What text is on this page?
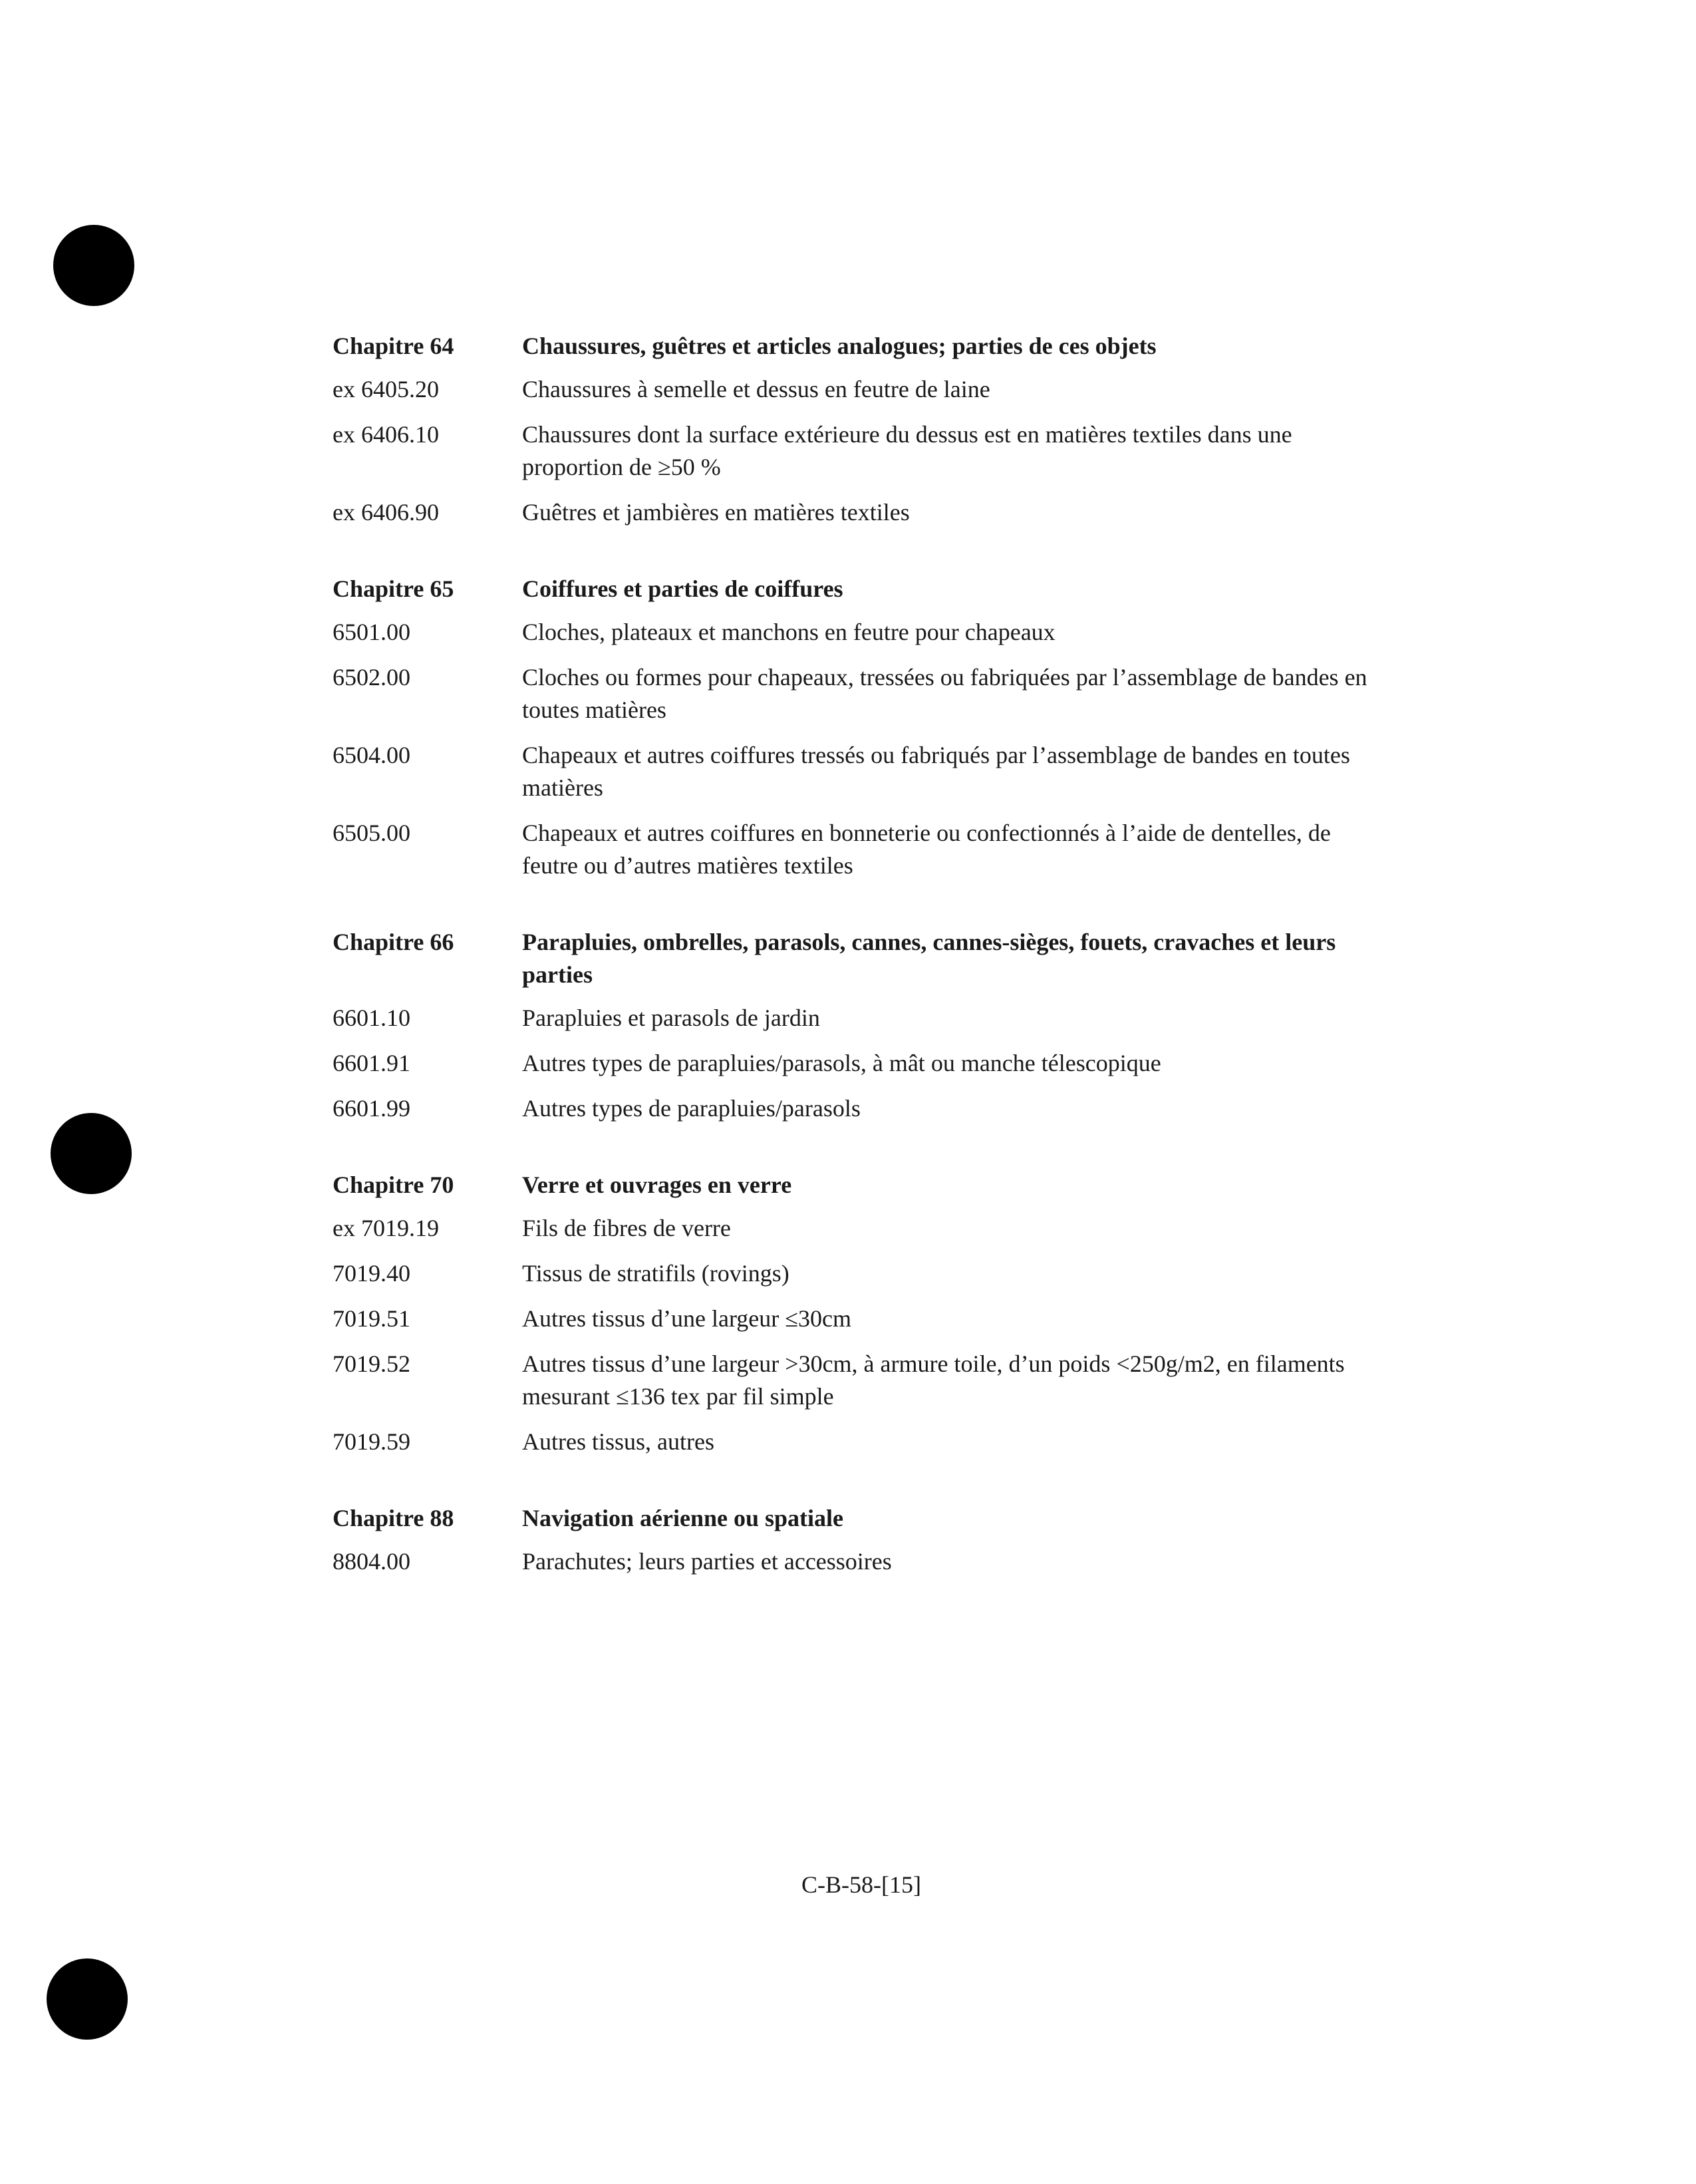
Chapitre 64	Chaussures, guêtres et articles analogues; parties de ces objets
ex 6405.20	Chaussures à semelle et dessus en feutre de laine
ex 6406.10	Chaussures dont la surface extérieure du dessus est en matières textiles dans une proportion de ≥50 %
ex 6406.90	Guêtres et jambières en matières textiles
Chapitre 65	Coiffures et parties de coiffures
6501.00	Cloches, plateaux et manchons en feutre pour chapeaux
6502.00	Cloches ou formes pour chapeaux, tressées ou fabriquées par l’assemblage de bandes en toutes matières
6504.00	Chapeaux et autres coiffures tressés ou fabriqués par l’assemblage de bandes en toutes matières
6505.00	Chapeaux et autres coiffures en bonneterie ou confectionnés à l’aide de dentelles, de feutre ou d’autres matières textiles
Chapitre 66	Parapluies, ombrelles, parasols, cannes, cannes-sièges, fouets, cravaches et leurs parties
6601.10	Parapluies et parasols de jardin
6601.91	Autres types de parapluies/parasols, à mât ou manche télescopique
6601.99	Autres types de parapluies/parasols
Chapitre 70	Verre et ouvrages en verre
ex 7019.19	Fils de fibres de verre
7019.40	Tissus de stratifils (rovings)
7019.51	Autres tissus d’une largeur ≤30cm
7019.52	Autres tissus d’une largeur >30cm, à armure toile, d’un poids <250g/m2, en filaments mesurant ≤136 tex par fil simple
7019.59	Autres tissus, autres
Chapitre 88	Navigation aérienne ou spatiale
8804.00	Parachutes; leurs parties et accessoires
C-B-58-[15]
